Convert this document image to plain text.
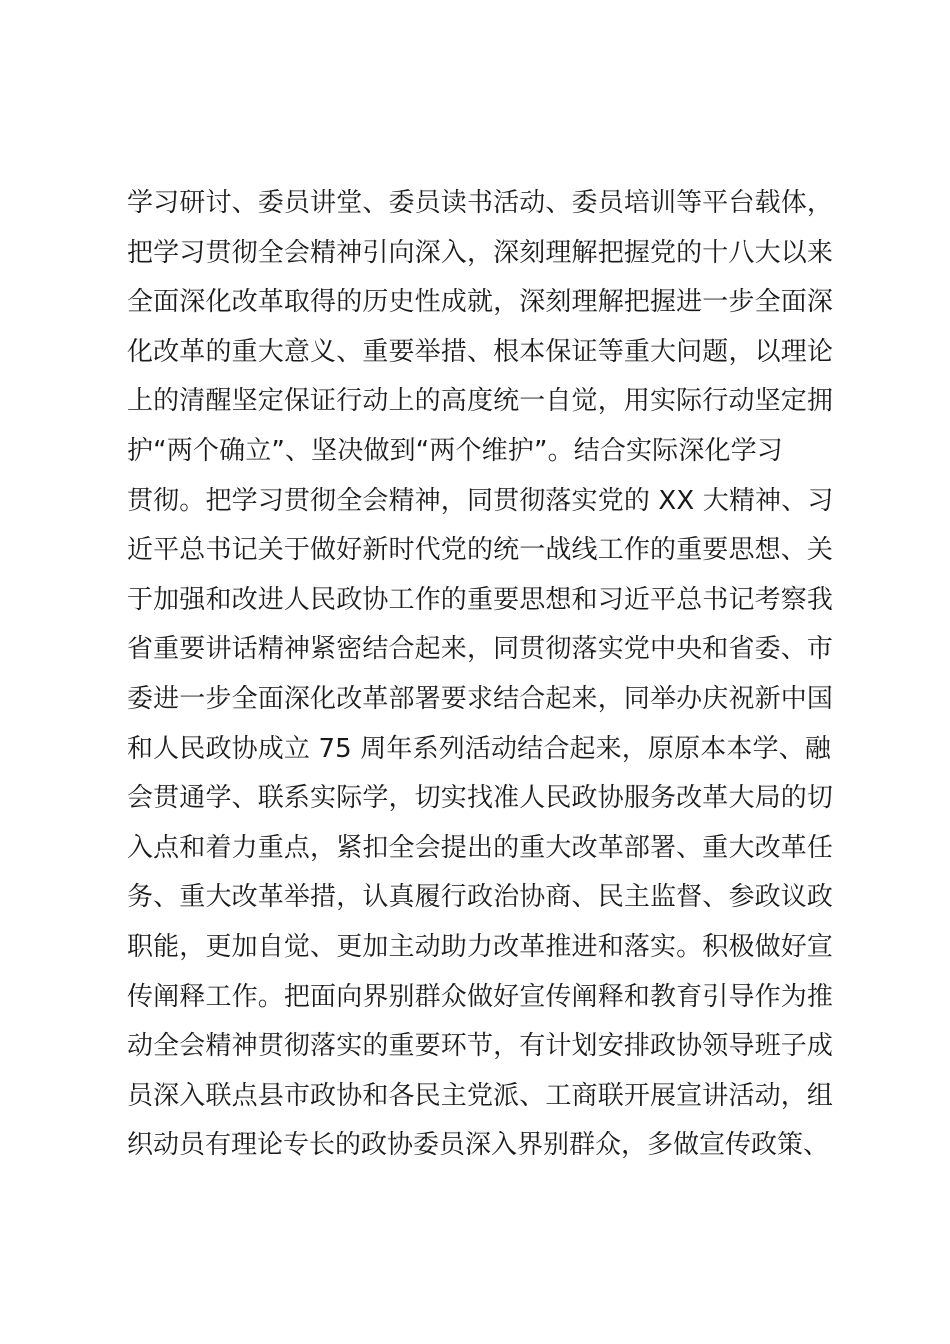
学习研讨、委员讲堂、委员读书活动、委员培训等平台载体，
把学习贯彻全会精神引向深入，深刻理解把握党的十八大以来
全面深化改革取得的历史性成就，深刻理解把握进一步全面深
化改革的重大意义、重要举措、根本保证等重大问题，以理论
上的清醒坚定保证行动上的高度统一自觉，用实际行动坚定拥
护“两个确立”、坚决做到“两个维护”。结合实际深化学习
贯彻。把学习贯彻全会精神，同贯彻落实党的 XX 大精神、习
近平总书记关于做好新时代党的统一战线工作的重要思想、关
于加强和改进人民政协工作的重要思想和习近平总书记考察我
省重要讲话精神紧密结合起来，同贯彻落实党中央和省委、市
委进一步全面深化改革部署要求结合起来，同举办庆祝新中国
和人民政协成立 75 周年系列活动结合起来，原原本本学、融
会贯通学、联系实际学，切实找准人民政协服务改革大局的切
入点和着力重点，紧扣全会提出的重大改革部署、重大改革任
务、重大改革举措，认真履行政治协商、民主监督、参政议政
职能，更加自觉、更加主动助力改革推进和落实。积极做好宣
传阐释工作。把面向界别群众做好宣传阐释和教育引导作为推
动全会精神贯彻落实的重要环节，有计划安排政协领导班子成
员深入联点县市政协和各民主党派、工商联开展宣讲活动，组
织动员有理论专长的政协委员深入界别群众，多做宣传政策、
